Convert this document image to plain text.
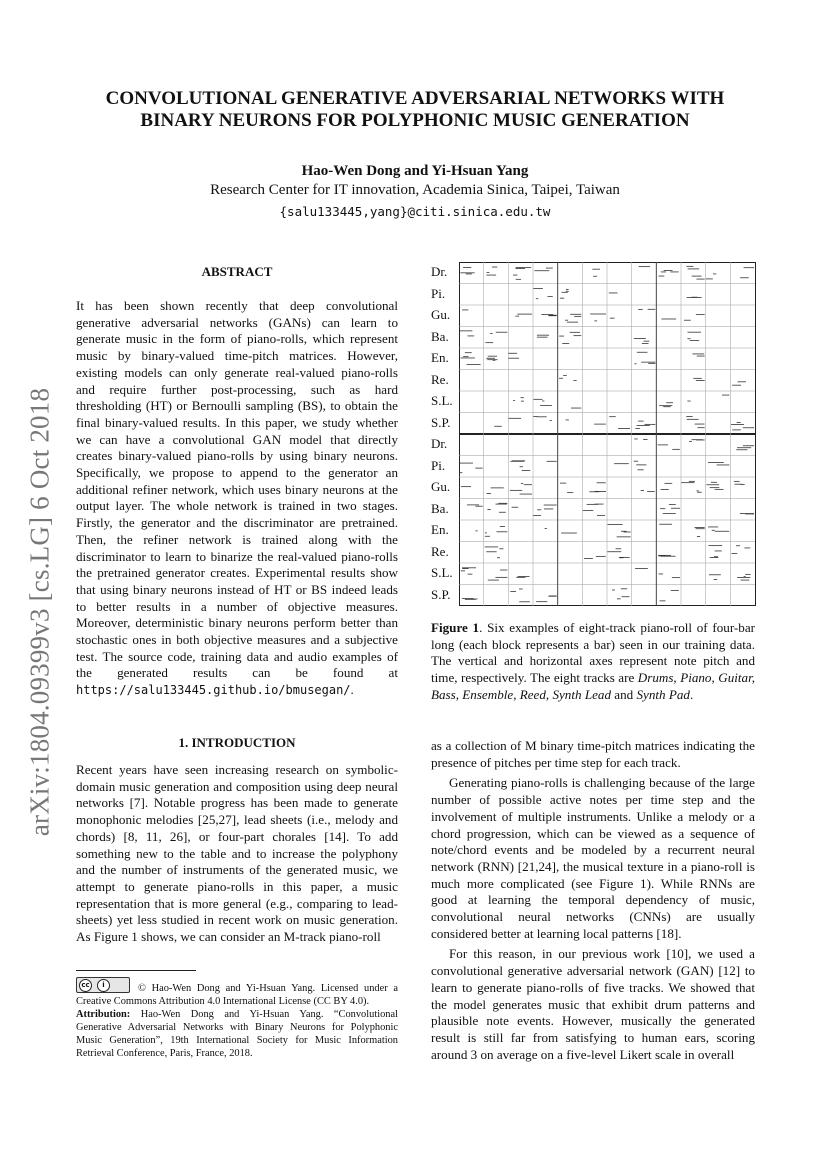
CONVOLUTIONAL GENERATIVE ADVERSARIAL NETWORKS WITH
BINARY NEURONS FOR POLYPHONIC MUSIC GENERATION
Hao-Wen Dong and Yi-Hsuan Yang
Research Center for IT innovation, Academia Sinica, Taipei, Taiwan
{salu133445,yang}@citi.sinica.edu.tw
arXiv:1804.09399v3 [cs.LG] 6 Oct 2018
ABSTRACT

It has been shown recently that deep convolutional generative adversarial networks (GANs) can learn to generate music in the form of piano-rolls, which represent music by binary-valued time-pitch matrices. However, existing models can only generate real-valued piano-rolls and require further post-processing, such as hard thresholding (HT) or Bernoulli sampling (BS), to obtain the final binary-valued results. In this paper, we study whether we can have a convolutional GAN model that directly creates binary-valued piano-rolls by using binary neurons. Specifically, we propose to append to the generator an additional refiner network, which uses binary neurons at the output layer. The whole network is trained in two stages. Firstly, the generator and the discriminator are pretrained. Then, the refiner network is trained along with the discriminator to learn to binarize the real-valued piano-rolls the pretrained generator creates. Experimental results show that using binary neurons instead of HT or BS indeed leads to better results in a number of objective measures. Moreover, deterministic binary neurons perform better than stochastic ones in both objective measures and a subjective test. The source code, training data and audio examples of the generated results can be found at https://salu133445.github.io/bmusegan/.

1. INTRODUCTION

Recent years have seen increasing research on symbolic-domain music generation and composition using deep neural networks [7]. Notable progress has been made to generate monophonic melodies [25,27], lead sheets (i.e., melody and chords) [8, 11, 26], or four-part chorales [14]. To add something new to the table and to increase the polyphony and the number of instruments of the generated music, we attempt to generate piano-rolls in this paper, a music representation that is more general (e.g., comparing to lead-sheets) yet less studied in recent work on music generation. As Figure 1 shows, we can consider an M-track piano-roll

cc	i	© Hao-Wen Dong and Yi-Hsuan Yang. Licensed under a Creative Commons Attribution 4.0 International License (CC BY 4.0).
Attribution: Hao-Wen Dong and Yi-Hsuan Yang. “Convolutional Generative Adversarial Networks with Binary Neurons for Polyphonic Music Generation”, 19th International Society for Music Information Retrieval Conference, Paris, France, 2018.

Dr.
Pi.
Gu.
Ba.
En.
Re.
S.L.
S.P.
Dr.
Pi.
Gu.
Ba.
En.
Re.
S.L.
S.P.

Figure 1. Six examples of eight-track piano-roll of four-bar long (each block represents a bar) seen in our training data. The vertical and horizontal axes represent note pitch and time, respectively. The eight tracks are Drums, Piano, Guitar, Bass, Ensemble, Reed, Synth Lead and Synth Pad.

as a collection of M binary time-pitch matrices indicating the presence of pitches per time step for each track.

Generating piano-rolls is challenging because of the large number of possible active notes per time step and the involvement of multiple instruments. Unlike a melody or a chord progression, which can be viewed as a sequence of note/chord events and be modeled by a recurrent neural network (RNN) [21,24], the musical texture in a piano-roll is much more complicated (see Figure 1). While RNNs are good at learning the temporal dependency of music, convolutional neural networks (CNNs) are usually considered better at learning local patterns [18].

For this reason, in our previous work [10], we used a convolutional generative adversarial network (GAN) [12] to learn to generate piano-rolls of five tracks. We showed that the model generates music that exhibit drum patterns and plausible note events. However, musically the generated result is still far from satisfying to human ears, scoring around 3 on average on a five-level Likert scale in overall
